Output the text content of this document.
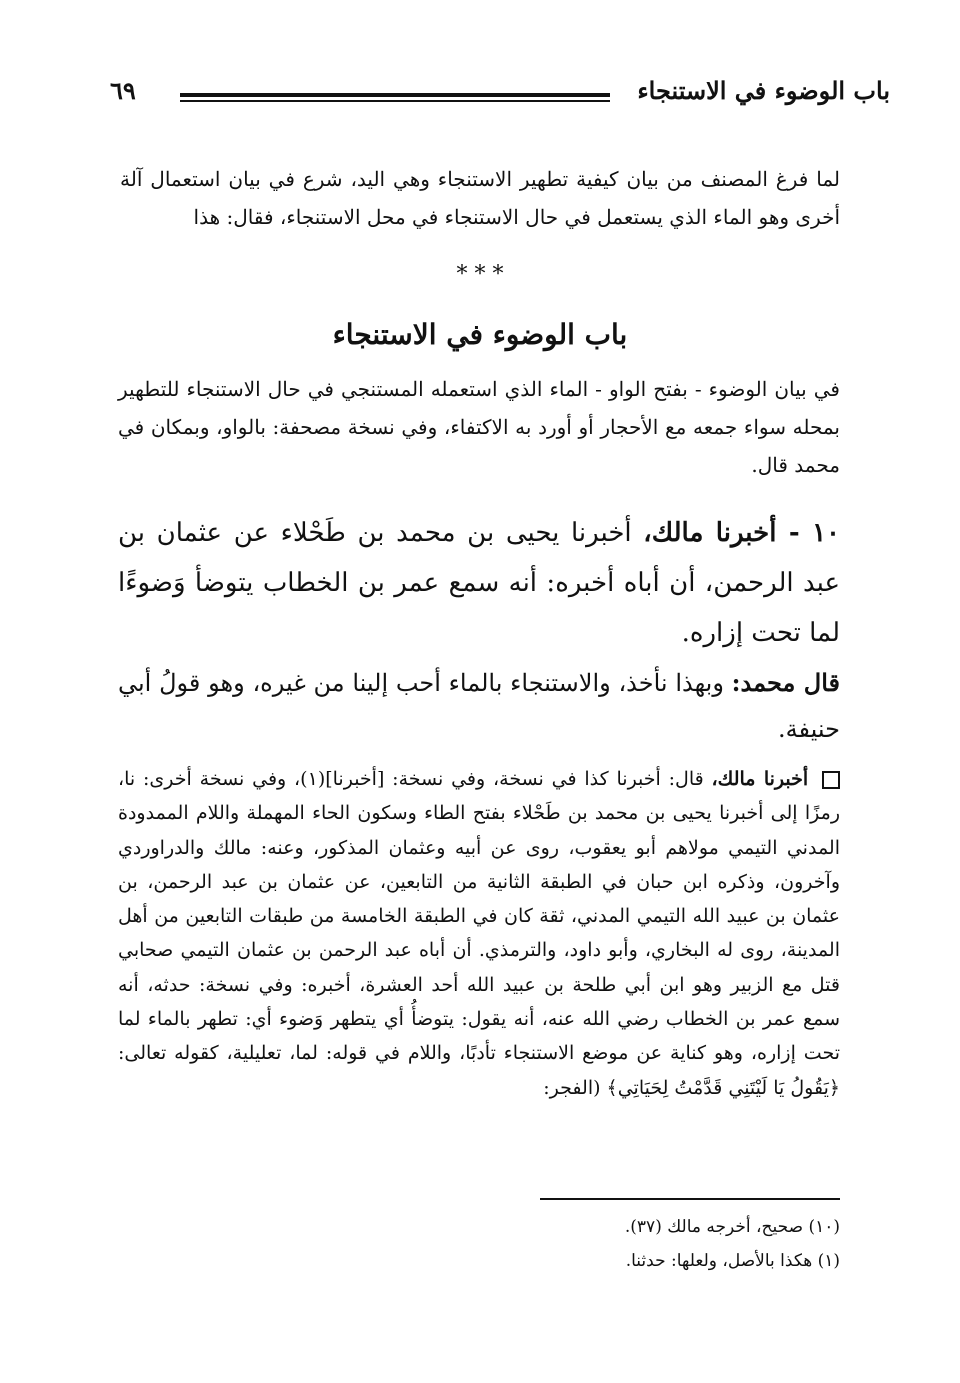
باب الوضوء في الاستنجاء
٦٩
لما فرغ المصنف من بيان كيفية تطهير الاستنجاء وهي اليد، شرع في بيان استعمال آلة أخرى وهو الماء الذي يستعمل في حال الاستنجاء في محل الاستنجاء، فقال: هذا
* * *
باب الوضوء في الاستنجاء
في بيان الوضوء - بفتح الواو - الماء الذي استعمله المستنجي في حال الاستنجاء للتطهير بمحله سواء جمعه مع الأحجار أو أورد به الاكتفاء، وفي نسخة مصحفة: بالواو، وبمكان في محمد قال.
١٠ - أخبرنا مالك، أخبرنا يحيى بن محمد بن طَحْلاء عن عثمان بن عبد الرحمن، أن أباه أخبره: أنه سمع عمر بن الخطاب يتوضأ وَضوءًا لما تحت إزاره.
قال محمد: وبهذا نأخذ، والاستنجاء بالماء أحب إلينا من غيره، وهو قولُ أبي حنيفة.
أخبرنا مالك، قال: أخبرنا كذا في نسخة، وفي نسخة: [أخبرنا](١)، وفي نسخة أخرى: نا، رمزًا إلى أخبرنا يحيى بن محمد بن طَحْلاء بفتح الطاء وسكون الحاء المهملة واللام الممدودة المدني التيمي مولاهم أبو يعقوب، روى عن أبيه وعثمان المذكور، وعنه: مالك والدراوردي وآخرون، وذكره ابن حبان في الطبقة الثانية من التابعين، عن عثمان بن عبد الرحمن، بن عثمان بن عبيد الله التيمي المدني، ثقة كان في الطبقة الخامسة من طبقات التابعين من أهل المدينة، روى له البخاري، وأبو داود، والترمذي. أن أباه عبد الرحمن بن عثمان التيمي صحابي قتل مع الزبير وهو ابن أبي طلحة بن عبيد الله أحد العشرة، أخبره: وفي نسخة: حدثه، أنه سمع عمر بن الخطاب رضي الله عنه، أنه يقول: يتوضأُ أي يتطهر وَضوء أي: تطهر بالماء لما تحت إزاره، وهو كناية عن موضع الاستنجاء تأدبًا، واللام في قوله: لما، تعليلية، كقوله تعالى: ﴿يَقُولُ يَا لَيْتَنِي قَدَّمْتُ لِحَيَاتِي﴾ (الفجر:
(١٠) صحيح، أخرجه مالك (٣٧).
(١) هكذا بالأصل، ولعلها: حدثنا.
